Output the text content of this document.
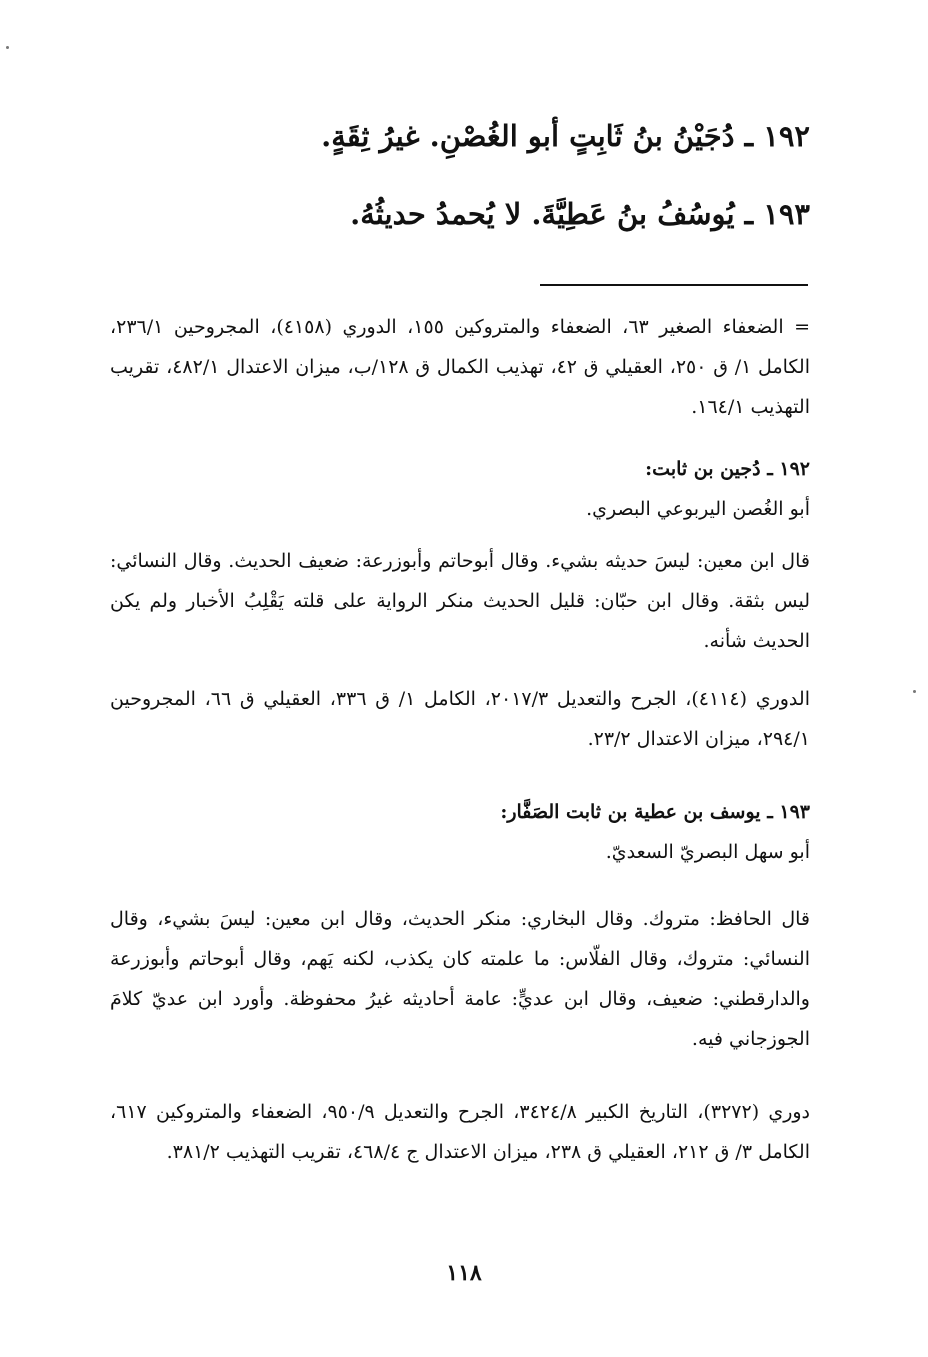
١٩٢ ـ دُجَيْنُ بنُ ثَابِتٍ أبو الغُصْنِ. غيرُ ثِقَةٍ.
١٩٣ ـ يُوسُفُ بنُ عَطِيَّةَ. لا يُحمدُ حديثُهُ.
= الضعفاء الصغير ٦٣، الضعفاء والمتروكين ١٥٥، الدوري (٤١٥٨)، المجروحين ٢٣٦/١، الكامل ١/ ق ٢٥٠، العقيلي ق ٤٢، تهذيب الكمال ق ١٢٨/ب، ميزان الاعتدال ٤٨٢/١، تقريب التهذيب ١٦٤/١.
١٩٢ ـ دُجين بن ثابت:
أبو الغُصن اليربوعي البصري.
قال ابن معين: ليسَ حديثه بشيء. وقال أبوحاتم وأبوزرعة: ضعيف الحديث. وقال النسائي: ليس بثقة. وقال ابن حبّان: قليل الحديث منكر الرواية على قلته يَقْلِبُ الأخبار ولم يكن الحديث شأنه.
الدوري (٤١١٤)، الجرح والتعديل ٢٠١٧/٣، الكامل ١/ ق ٣٣٦، العقيلي ق ٦٦، المجروحين ٢٩٤/١، ميزان الاعتدال ٢٣/٢.
١٩٣ ـ يوسف بن عطية بن ثابت الصَفَّار:
أبو سهل البصريّ السعديّ.
قال الحافظ: متروك. وقال البخاري: منكر الحديث، وقال ابن معين: ليسَ بشيء، وقال النسائي: متروك، وقال الفلّاس: ما علمته كان يكذب، لكنه يَهم، وقال أبوحاتم وأبوزرعة والدارقطني: ضعيف، وقال ابن عديٍّ: عامة أحاديثه غيرُ محفوظة. وأورد ابن عديّ كلامَ الجوزجاني فيه.
دوري (٣٢٧٢)، التاريخ الكبير ٣٤٢٤/٨، الجرح والتعديل ٩٥٠/٩، الضعفاء والمتروكين ٦١٧، الكامل ٣/ ق ٢١٢، العقيلي ق ٢٣٨، ميزان الاعتدال ج ٤٦٨/٤، تقريب التهذيب ٣٨١/٢.
١١٨
